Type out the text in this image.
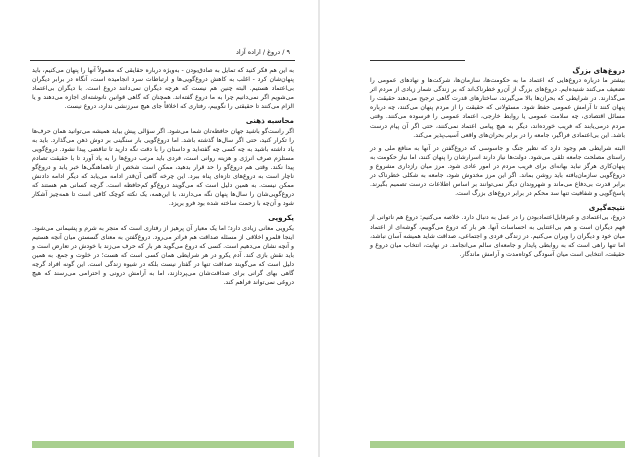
۹ / دروغ / اراده آزاد

به این هم فکر کنید که تمایل به صادق‌بودن - بەویژه درباره حقایقی که معمولاً آنها را پنهان می‌کنیم، باید پنهان‌شان کرد - اغلب به کاهش دروغ‌گویی‌ها و ارتباطات سرد انجامیده است، آنگاه در برابر دیگران بی‌اعتماد هستیم. البته چنین هم نیست که هرچه دیگران نمی‌دانند دروغ است. با دیگران بی‌اعتماد می‌شویم اگر نمی‌دانیم چرا به ما دروغ گفته‌اند. همچنان که گاهی قوانین نانوشته‌ای اجازه می‌دهند و یا الزام می‌کنند تا حقیقتی را نگوییم، رفتاری که اخلاقاً جای هیچ سرزنشی ندارد، دروغ نیست.

محاسبه ذهنی

اگر راست‌گو باشید جهان حافظه‌تان شما می‌شود. اگر سؤالی پیش بیاید همیشه می‌توانید همان حرف‌ها را تکرار کنید، حتی اگر سال‌ها گذشته باشد. اما دروغ‌گویی بار سنگینی بر دوش ذهن می‌گذارد. باید به یاد داشته باشید به چه کسی چه گفته‌اید و داستان را با دقت نگه دارید تا تناقضی پیدا نشود. دروغ‌گویی مستلزم صرف انرژی و هزینه روانی است، فردی باید مرتب دروغ‌ها را به یاد آورد تا با حقیقت تصادم پیدا نکند. وقتی هم دروغ‌گو را حد قرار بدهید، ممکن است شخص از ناهماهنگی‌ها خبر یابد و دروغ‌گو ناچار است به دروغ‌های تازه‌ای پناه ببرد. این چرخه گاهی آن‌قدر ادامه می‌یابد که دیگر ادامه دادنش ممکن نیست. به همین دلیل است که می‌گویند دروغ‌گو کم‌حافظه است. گرچه کسانی هم هستند که دروغ‌گویی‌شان را سال‌ها پنهان نگه می‌دارند، با این‌همه، یک نکته کوچک کافی است تا همه‌چیز آشکار شود و آن‌چه با زحمت ساخته شده بود فرو بریزد.

یکرویی

یکرویی معانی زیادی دارد؛ اما یک معیار آن پرهیز از رفتاری است که منجر به شرم و پشیمانی می‌شود. اینجا قلمرو اخلاقی از مسئله صداقت هم فراتر می‌رود. دروغ‌گفتن به معنای گسستن میان آنچه هستیم و آنچه نشان می‌دهیم است. کسی که دروغ می‌گوید هر بار که حرف می‌زند با خودش در تعارض است و باید نقش بازی کند. آدم یکرو در هر شرایطی همان کسی است که هست؛ در خلوت و جمع. به همین دلیل است که می‌گویند صداقت تنها در گفتار نیست بلکه در شیوه زندگی است. این گونه افراد گرچه گاهی بهای گرانی برای صداقت‌شان می‌پردازند، اما به آرامش درونی و احترامی می‌رسند که هیچ دروغی نمی‌تواند فراهم کند.

دروغ‌های بزرگ

بیشتر ما درباره دروغ‌هایی که اعتماد ما به حکومت‌ها، سازمان‌ها، شرکت‌ها و نهادهای عمومی را تضعیف می‌کنند شنیده‌ایم. دروغ‌های بزرگ از آن‌رو خطرناک‌اند که بر زندگی شمار زیادی از مردم اثر می‌گذارند. در شرایطی که بحران‌ها بالا می‌گیرند، ساختارهای قدرت گاهی ترجیح می‌دهند حقیقت را پنهان کنند تا آرامش عمومی حفظ شود. مسئولانی که حقیقت را از مردم پنهان می‌کنند، چه درباره مسائل اقتصادی، چه سلامت عمومی یا روابط خارجی، اعتماد عمومی را فرسوده می‌کنند. وقتی مردم درمی‌یابند که فریب خورده‌اند، دیگر به هیچ پیامی اعتماد نمی‌کنند، حتی اگر آن پیام درست باشد. این بی‌اعتمادی فراگیر، جامعه را در برابر بحران‌های واقعی آسیب‌پذیر می‌کند.

البته شرایطی هم وجود دارد که نظیر جنگ و جاسوسی که دروغ‌گفتن در آنها به منافع ملی و در راستای مصلحت جامعه تلقی می‌شود. دولت‌ها نیاز دارند اسرارشان را پنهان کنند، اما نیاز حکومت به پنهان‌کاری هرگز نباید بهانه‌ای برای فریب مردم در امور عادی شود. مرز میان رازداری مشروع و دروغ‌گویی سازمان‌یافته باید روشن بماند. اگر این مرز مخدوش شود، جامعه به شکلی خطرناک در برابر قدرت بی‌دفاع می‌ماند و شهروندان دیگر نمی‌توانند بر اساس اطلاعات درست تصمیم بگیرند. پاسخ‌گویی و شفافیت تنها سد محکم در برابر دروغ‌های بزرگ است.

نتیجه‌گیری

دروغ، بی‌اعتمادی و غیرقابل‌اعتمادبودن را در عمل به دنبال دارد. خلاصه می‌کنیم: دروغ هم ناتوانی از فهم دیگران است و هم بی‌اعتنایی به احساسات آنها. هر بار که دروغ می‌گوییم، گوشه‌ای از اعتماد میان خود و دیگران را ویران می‌کنیم. در زندگی فردی و اجتماعی، صداقت شاید همیشه آسان نباشد، اما تنها راهی است که به روابطی پایدار و جامعه‌ای سالم می‌انجامد. در نهایت، انتخاب میان دروغ و حقیقت، انتخابی است میان آسودگی کوتاه‌مدت و آرامش ماندگار.
